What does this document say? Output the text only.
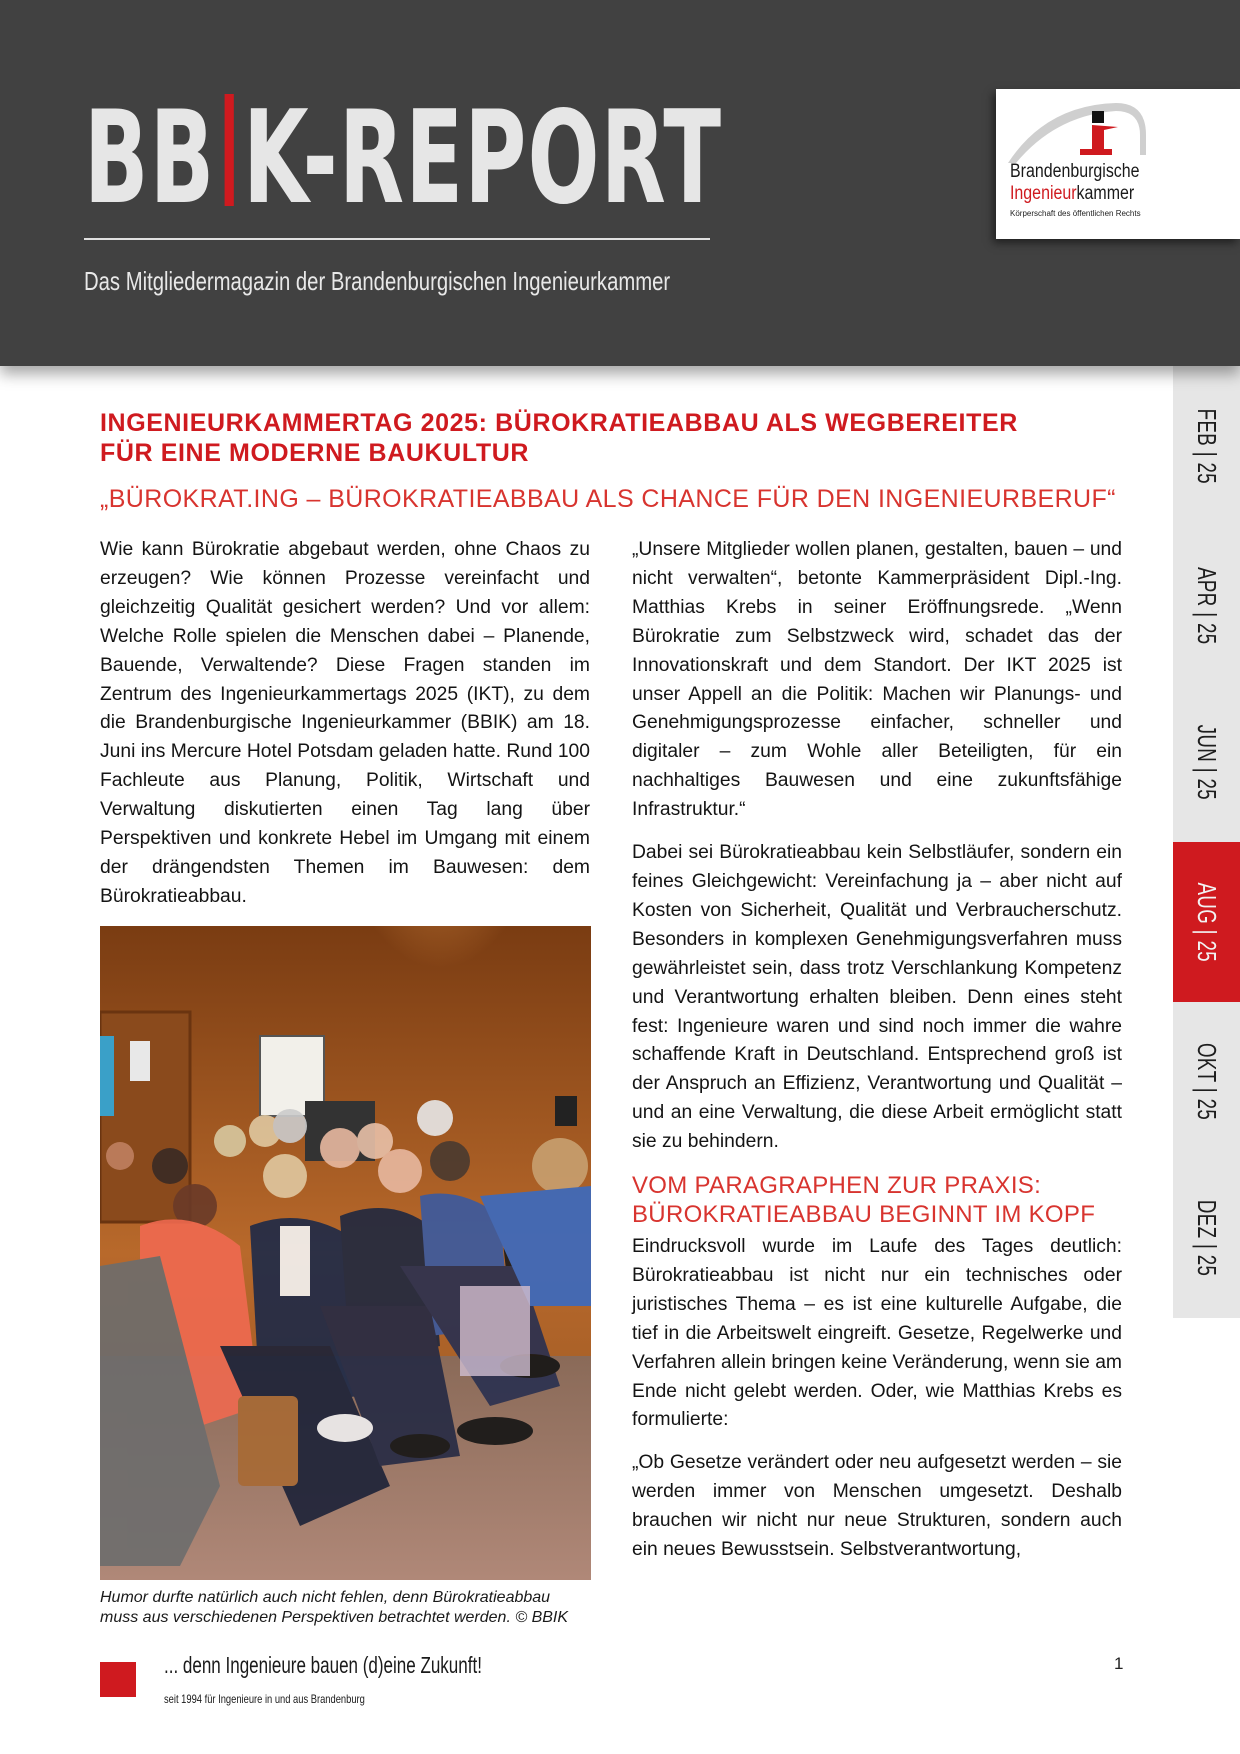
BB K-REPORT
Das Mitgliedermagazin der Brandenburgischen Ingenieurkammer
Brandenburgische
Ingenieurkammer
Körperschaft des öffentlichen Rechts
FEB | 25
APR | 25
JUN | 25
AUG | 25
OKT | 25
DEZ | 25
INGENIEURKAMMERTAG 2025: BÜROKRATIEABBAU ALS WEGBEREITER
FÜR EINE MODERNE BAUKULTUR
„BÜROKRAT.ING – BÜROKRATIEABBAU ALS CHANCE FÜR DEN INGENIEURBERUF“

Wie kann Bürokratie abgebaut werden, ohne Chaos zu erzeugen? Wie können Prozesse vereinfacht und gleichzeitig Qualität gesichert werden? Und vor allem: Welche Rolle spielen die Menschen dabei – Planende, Bauende, Verwaltende? Diese Fragen standen im Zentrum des Ingenieurkammertags 2025 (IKT), zu dem die Brandenburgische Ingenieurkammer (BBIK) am 18. Juni ins Mercure Hotel Potsdam geladen hatte. Rund 100 Fachleute aus Planung, Politik, Wirtschaft und Verwaltung diskutierten einen Tag lang über Perspektiven und konkrete Hebel im Umgang mit einem der drängendsten Themen im Bauwesen: dem Bürokratieabbau.

Humor durfte natürlich auch nicht fehlen, denn Bürokratieabbau
muss aus verschiedenen Perspektiven betrachtet werden. © BBIK

„Unsere Mitglieder wollen planen, gestalten, bauen – und nicht verwalten“, betonte Kammerpräsident Dipl.-Ing. Matthias Krebs in seiner Eröffnungsrede. „Wenn Bürokratie zum Selbstzweck wird, schadet das der Innovationskraft und dem Standort. Der IKT 2025 ist unser Appell an die Politik: Machen wir Planungs- und Genehmigungsprozesse einfacher, schneller und digitaler – zum Wohle aller Beteiligten, für ein nachhaltiges Bauwesen und eine zukunftsfähige Infrastruktur.“

Dabei sei Bürokratieabbau kein Selbstläufer, sondern ein feines Gleichgewicht: Vereinfachung ja – aber nicht auf Kosten von Sicherheit, Qualität und Verbraucherschutz. Besonders in komplexen Genehmigungsverfahren muss gewährleistet sein, dass trotz Verschlankung Kompetenz und Verantwortung erhalten bleiben. Denn eines steht fest: Ingenieure waren und sind noch immer die wahre schaffende Kraft in Deutschland. Entsprechend groß ist der Anspruch an Effizienz, Verantwortung und Qualität – und an eine Verwaltung, die diese Arbeit ermöglicht statt sie zu behindern.

VOM PARAGRAPHEN ZUR PRAXIS:
BÜROKRATIEABBAU BEGINNT IM KOPF

Eindrucksvoll wurde im Laufe des Tages deutlich: Bürokratieabbau ist nicht nur ein technisches oder juristisches Thema – es ist eine kulturelle Aufgabe, die tief in die Arbeitswelt eingreift. Gesetze, Regelwerke und Verfahren allein bringen keine Veränderung, wenn sie am Ende nicht gelebt werden. Oder, wie Matthias Krebs es formulierte:

„Ob Gesetze verändert oder neu aufgesetzt werden – sie werden immer von Menschen umgesetzt. Deshalb brauchen wir nicht nur neue Strukturen, sondern auch ein neues Bewusstsein. Selbstverantwortung,

... denn Ingenieure bauen (d)eine Zukunft!
seit 1994 für Ingenieure in und aus Brandenburg
1
